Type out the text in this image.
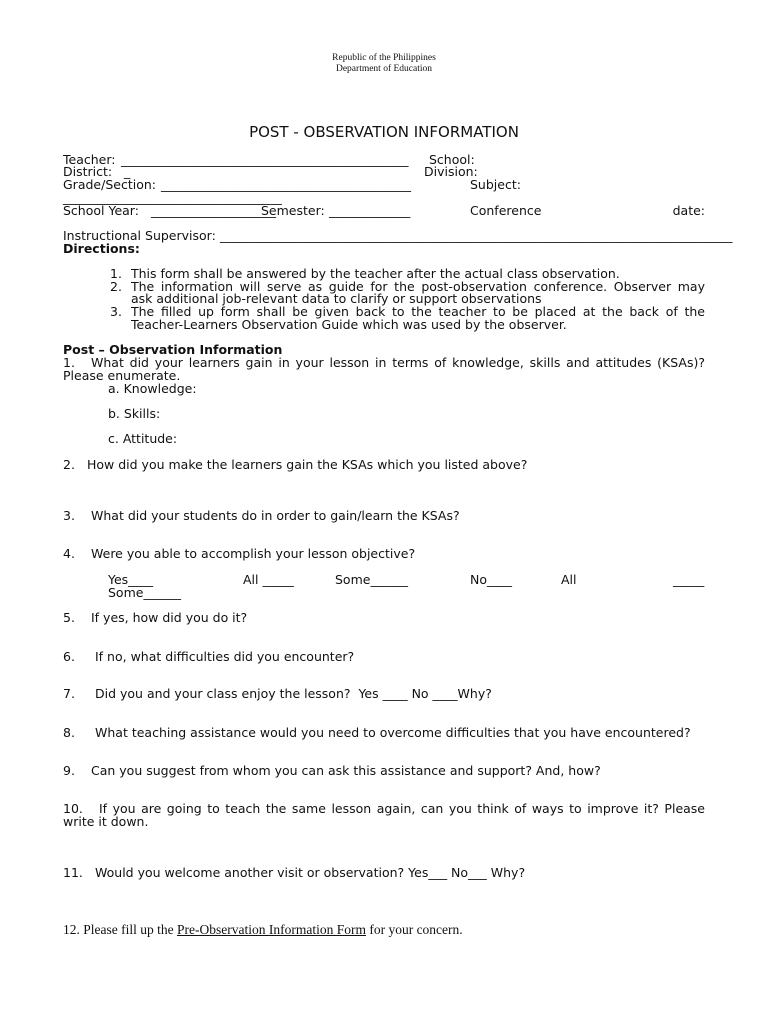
Republic of the Philippines
Department of Education
POST - OBSERVATION INFORMATION
Teacher: ______________________________________________ School:
District: _	Division:
Grade/Section: ________________________________________	Subject:
___________________________________
School Year: ____________________
Semester: _____________	Conference	date:
Instructional Supervisor: __________________________________________________________________________________
Directions:
1. This form shall be answered by the teacher after the actual class observation.
2. The information will serve as guide for the post-observation conference. Observer may
ask additional job-relevant data to clarify or support observations
3. The filled up form shall be given back to the teacher to be placed at the back of the
Teacher-Learners Observation Guide which was used by the observer.
Post – Observation Information
1. What did your learners gain in your lesson in terms of knowledge, skills and attitudes (KSAs)?
Please enumerate.
a. Knowledge:
b. Skills:
c. Attitude:
2. How did you make the learners gain the KSAs which you listed above?
3. What did your students do in order to gain/learn the KSAs?
4. Were you able to accomplish your lesson objective?
Yes____	All _____	Some______	No____	All	_____
Some______
5. If yes, how did you do it?
6. If no, what difficulties did you encounter?
7. Did you and your class enjoy the lesson?  Yes ____ No ____Why?
8. What teaching assistance would you need to overcome difficulties that you have encountered?
9. Can you suggest from whom you can ask this assistance and support? And, how?
10. If you are going to teach the same lesson again, can you think of ways to improve it? Please
write it down.
11. Would you welcome another visit or observation? Yes___ No___ Why?
12. Please fill up the Pre-Observation Information Form for your concern.
